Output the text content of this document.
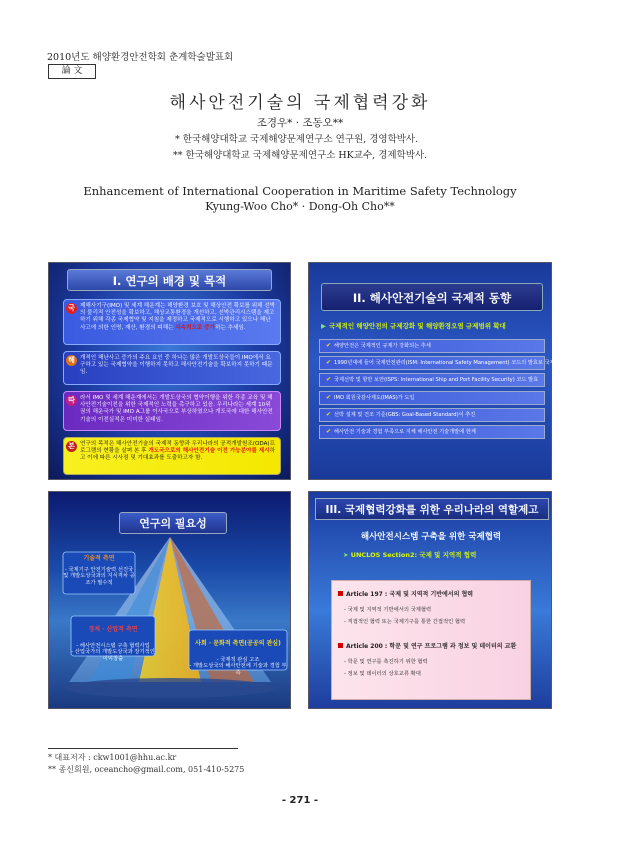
2010년도 해양환경안전학회 춘계학술발표회
論 文
해사안전기술의 국제협력강화
조경우* · 조동오**
* 한국해양대학교 국제해양문제연구소 연구원, 경영학박사.
** 한국해양대학교 국제해양문제연구소 HK교수, 경제학박사.
Enhancement of International Cooperation in Maritime Safety Technology
Kyung-Woo Cho* · Dong-Oh Cho**
I. 연구의 배경 및 목적
국 제해사기구(IMO) 및 세계 해운계는 해양환경 보호 및 해상안전 확보를 위해 선박의 물리적 안전성을 확보하고, 해상교통환경을 개선하고, 선박관리시스템을 제고하기 위해 각종 국제협약 및 지침을 제정하고 국제적으로 시행하고 있으나 해난사고에 의한 인명, 재산, 환경의 피해는 지속적으로 증가하는 추세임.
해 개적인 해난사고 증가의 주요 요인 중 하나는 많은 개발도상국들이 IMO에서 요구하고 있는 국제협약을 이행하지 못하고 해사안전기술을 확보하지 못하기 때문임.
따 라서 IMO 및 세계 해운계에서는 개발도상국의 협약이행을 위한 각종 교육 및 해사안전기술이전을 위한 국제적인 노력을 촉구하고 있음. 우리나라는 세계 10위권의 해운국가 및 IMO A그룹 이사국으로 부상하였으나 개도국에 대한 해사안전기술의 이전실적은 미미한 실태임.
본 연구의 목적은 해사안전기술의 국제적 동향과 우리나라의 공적개발원조(ODA)프로그램의 현황을 살펴 본 후 개도국으로의 해사안전기술 이전 가능분야를 제시하고 이에 따른 시사점 및 기대효과를 도출하고자 함.
II. 해사안전기술의 국제적 동향
▶ 국제적인 해양안전의 규제강화 및 해양환경오염 규제범위 확대
✔ 해양안전은 국제적인 규제가 강화되는 추세
✔ 1990년대에 들어 국제안전관리(ISM: International Safety Management) 코드의 발효로 국제적인 안전관리에 대한 규제가 시스템화
✔ 국제선박 및 항만 보안(ISPS: International Ship and Port Facility Security) 코드 발효
✔ IMO 회원국감사제도(IMAS)가 도입
✔ 선박 설계 및 건조 기준(GBS: Goal-Based Standard)이 추진
✔ 해사안전 기술과 경험 부족으로 지체 해사안전 기술개발에 한계
연구의 필요성
기술적 측면
- 국제기구 안전기술력 선진국 및 개발도상국과의 지식격차 공조가 필수적

경제 · 산업적 측면

- 해사안전시스템 구축 협력사업
- 산업국가의 개발도상국과 장기적인 이익창출

사회 · 문화적 측면(공공의 관심)

- 국제적 관심 고조
- 개발도상국의 해사안전에 기술과 경험 부족

III. 국제협력강화를 위한 우리나라의 역할제고
해사안전시스템 구축을 위한 국제협력
➤ UNCLOS Section2: 국제 및 지역적 협력
Article 197 : 국제 및 지역적 기반에서의 협력
- 국제 및 지역적 기반에서의 국제협력
- 직접적인 협력 또는 국제기구를 통한 간접적인 협력
Article 200 : 학문 및 연구 프로그램 과 정보 및 데이터의 교환
- 학문 및 연구를 촉진하기 위한 협력
- 정보 및 데이터의 상호교류 확대
* 대표저자 : ckw1001@hhu.ac.kr
** 종신회원, oceancho@gmail.com, 051-410-5275
- 271 -
